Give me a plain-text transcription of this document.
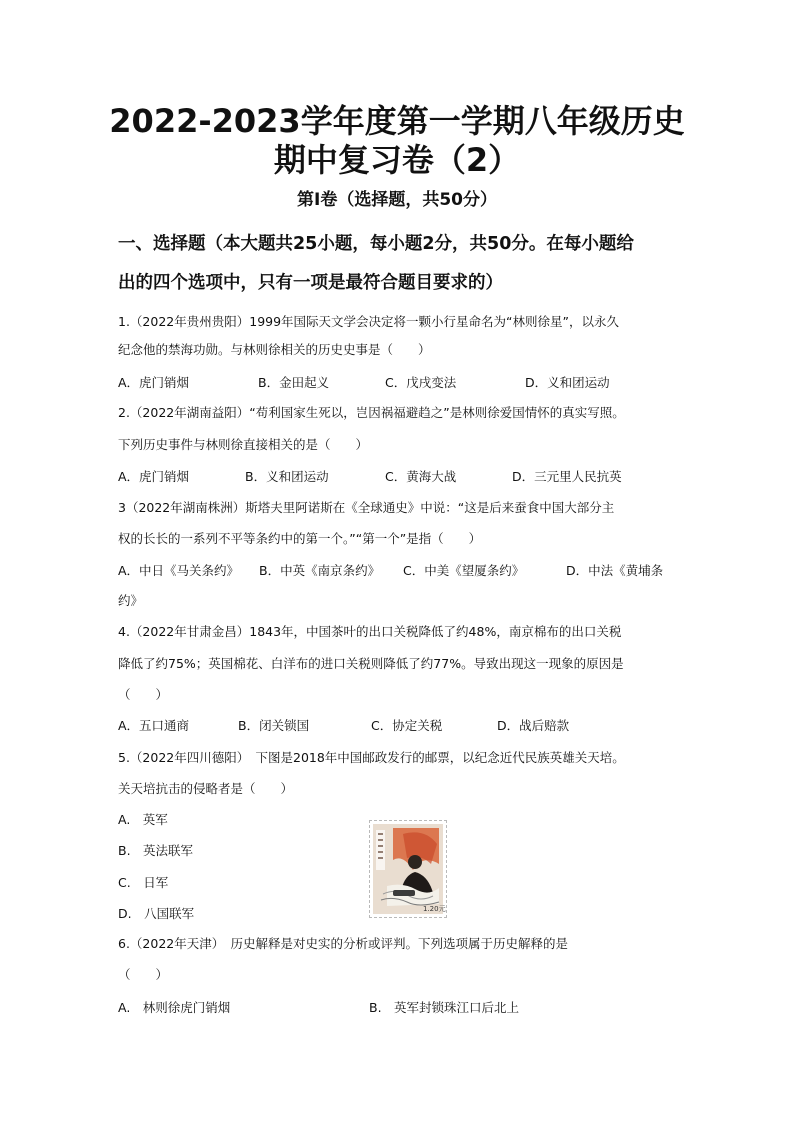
2022-2023学年度第一学期八年级历史
期中复习卷（2）
第Ⅰ卷（选择题，共50分）
一、选择题（本大题共25小题，每小题2分，共50分。在每小题给
出的四个选项中，只有一项是最符合题目要求的）
1.（2022年贵州贵阳）1999年国际天文学会决定将一颗小行星命名为“林则徐星”，以永久
纪念他的禁海功勋。与林则徐相关的历史史事是（　　）
A．虎门销烟	B．金田起义	C．戊戌变法	D．义和团运动
2.（2022年湖南益阳）“苟利国家生死以，岂因祸福避趋之”是林则徐爱国情怀的真实写照。
下列历史事件与林则徐直接相关的是（　　）
A．虎门销烟	B．义和团运动	C．黄海大战	D．三元里人民抗英
3（2022年湖南株洲）斯塔夫里阿诺斯在《全球通史》中说：“这是后来蚕食中国大部分主
权的长长的一系列不平等条约中的第一个。”“第一个”是指（　　）
A．中日《马关条约》 B．中英《南京条约》 C．中美《望厦条约》	D．中法《黄埔条
约》
4.（2022年甘肃金昌）1843年，中国茶叶的出口关税降低了约48%，南京棉布的出口关税
降低了约75%；英国棉花、白洋布的进口关税则降低了约77%。导致出现这一现象的原因是
（　　）
A．五口通商	B．闭关锁国	C．协定关税	D．战后赔款
5.（2022年四川德阳）　下图是2018年中国邮政发行的邮票，以纪念近代民族英雄关天培。
关天培抗击的侵略者是（　　）
A.　英军
B.　英法联军
C.　日军
D.　八国联军	1.20元
6.（2022年天津）　历史解释是对史实的分析或评判。下列选项属于历史解释的是
（　　）
A.　林则徐虎门销烟	B.　英军封锁珠江口后北上
